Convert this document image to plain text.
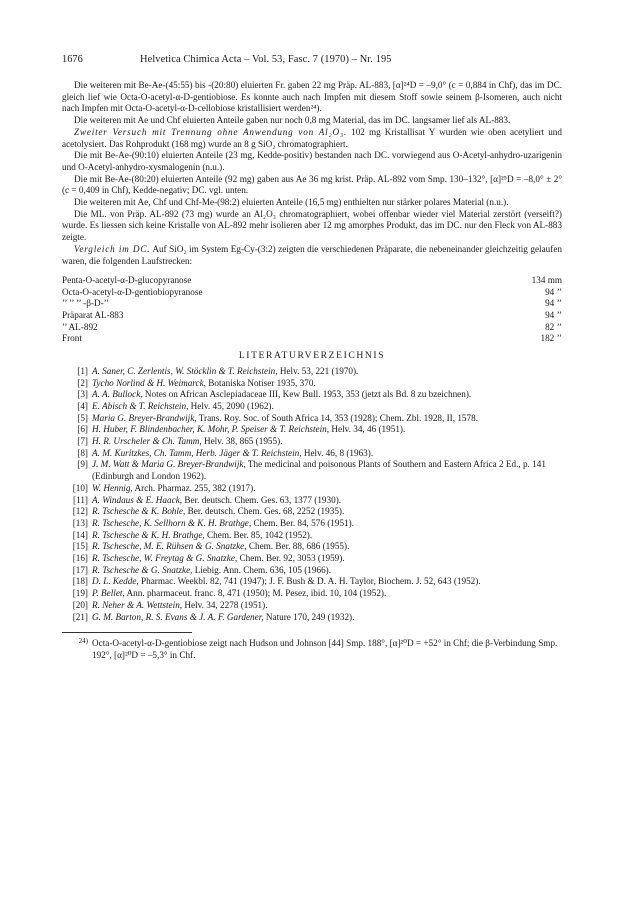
1676	Helvetica Chimica Acta – Vol. 53, Fasc. 7 (1970) – Nr. 195

Die weiteren mit Be-Ae-(45:55) bis -(20:80) eluierten Fr. gaben 22 mg Präp. AL-883, [α]²⁴D = –9,0° (c = 0,884 in Chf), das im DC. gleich lief wie Octa-O-acetyl-α-D-gentiobiose. Es konnte auch nach Impfen mit diesem Stoff sowie seinem β-Isomeren, auch nicht nach Impfen mit Octa-O-acetyl-α-D-cellobiose kristallisiert werden²⁴).

Die weiteren mit Ae und Chf eluierten Anteile gaben nur noch 0,8 mg Material, das im DC. langsamer lief als AL-883.

Zweiter Versuch mit Trennung ohne Anwendung von Al₂O₃. 102 mg Kristallisat Y wurden wie oben acetyliert und acetolysiert. Das Rohprodukt (168 mg) wurde an 8 g SiO₂ chromatographiert.

Die mit Be-Ae-(90:10) eluierten Anteile (23 mg, Kedde-positiv) bestanden nach DC. vorwiegend aus O-Acetyl-anhydro-uzarigenin und O-Acetyl-anhydro-xysmalogenin (n.u.).

Die mit Be-Ae-(80:20) eluierten Anteile (92 mg) gaben aus Ae 36 mg krist. Präp. AL-892 vom Smp. 130–132°, [α]²⁵D = –8,0° ± 2° (c = 0,409 in Chf), Kedde-negativ; DC. vgl. unten.

Die weiteren mit Ae, Chf und Chf-Me-(98:2) eluierten Anteile (16,5 mg) enthielten nur stärker polares Material (n.u.).

Die ML. von Präp. AL-892 (73 mg) wurde an Al₂O₃ chromatographiert, wobei offenbar wieder viel Material zerstört (verseift?) wurde. Es liessen sich keine Kristalle von AL-892 mehr isolieren aber 12 mg amorphes Produkt, das im DC. nur den Fleck von AL-883 zeigte.

Vergleich im DC. Auf SiO₂ im System Eg-Cy-(3:2) zeigten die verschiedenen Präparate, die nebeneinander gleichzeitig gelaufen waren, die folgenden Laufstrecken:

Penta-O-acetyl-α-D-glucopyranose	134 mm
Octa-O-acetyl-α-D-gentiobiopyranose	94 ’’
’’ ’’ ’’ -β-D-’’	94 ’’
Präparat AL-883	94 ’’
’’ AL-892	82 ’’
Front	182 ’’
LITERATURVERZEICHNIS
[1] A. Saner, C. Zerlentis, W. Stöcklin & T. Reichstein, Helv. 53, 221 (1970).
[2] Tycho Norlind & H. Weimarck, Botaniska Notiser 1935, 370.
[3] A. A. Bullock, Notes on African Asclepiadaceae III, Kew Bull. 1953, 353 (jetzt als Bd. 8 zu bzeichnen).
[4] E. Abisch & T. Reichstein, Helv. 45, 2090 (1962).
[5] Maria G. Breyer-Brandwijk, Trans. Roy. Soc. of South Africa 14, 353 (1928); Chem. Zbl. 1928, II, 1578.
[6] H. Huber, F. Blindenbacher, K. Mohr, P. Speiser & T. Reichstein, Helv. 34, 46 (1951).
[7] H. R. Urscheler & Ch. Tamm, Helv. 38, 865 (1955).
[8] A. M. Kuritzkes, Ch. Tamm, Herb. Jäger & T. Reichstein, Helv. 46, 8 (1963).
[9] J. M. Watt & Maria G. Breyer-Brandwijk, The medicinal and poisonous Plants of Southern and Eastern Africa 2 Ed., p. 141 (Edinburgh and London 1962).
[10] W. Hennig, Arch. Pharmaz. 255, 382 (1917).
[11] A. Windaus & E. Haack, Ber. deutsch. Chem. Ges. 63, 1377 (1930).
[12] R. Tschesche & K. Bohle, Ber. deutsch. Chem. Ges. 68, 2252 (1935).
[13] R. Tschesche, K. Sellhorn & K. H. Brathge, Chem. Ber. 84, 576 (1951).
[14] R. Tschesche & K. H. Brathge, Chem. Ber. 85, 1042 (1952).
[15] R. Tschesche, M. E. Rühsen & G. Snatzke, Chem. Ber. 88, 686 (1955).
[16] R. Tschesche, W. Freytag & G. Snatzke, Chem. Ber. 92, 3053 (1959).
[17] R. Tschesche & G. Snatzke, Liebig. Ann. Chem. 636, 105 (1966).
[18] D. L. Kedde, Pharmac. Weekbl. 82, 741 (1947); J. F. Bush & D. A. H. Taylor, Biochem. J. 52, 643 (1952).
[19] P. Bellet, Ann. pharmaceut. franc. 8, 471 (1950); M. Pesez, ibid. 10, 104 (1952).
[20] R. Neher & A. Wettstein, Helv. 34, 2278 (1951).
[21] G. M. Barton, R. S. Evans & J. A. F. Gardener, Nature 170, 249 (1932).
24) Octa-O-acetyl-α-D-gentiobiose zeigt nach Hudson und Johnson [44] Smp. 188°, [α]²⁰D = +52° in Chf; die β-Verbindung Smp. 192°, [α]²⁰D = –5,3° in Chf.
